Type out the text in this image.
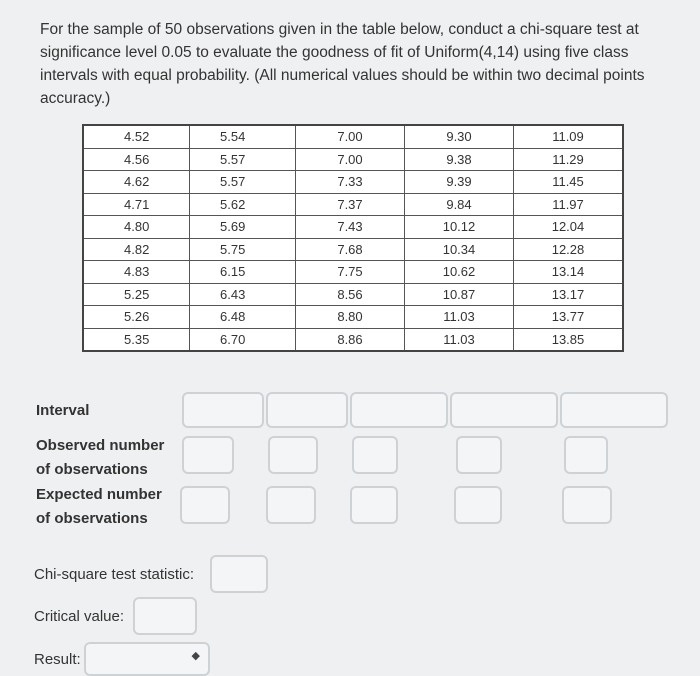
For the sample of 50 observations given in the table below, conduct a chi-square test at significance level 0.05 to evaluate the goodness of fit of Uniform(4,14) using five class intervals with equal probability. (All numerical values should be within two decimal points accuracy.)
4.52	5.54	7.00	9.30	11.09
4.56	5.57	7.00	9.38	11.29
4.62	5.57	7.33	9.39	11.45
4.71	5.62	7.37	9.84	11.97
4.80	5.69	7.43	10.12	12.04
4.82	5.75	7.68	10.34	12.28
4.83	6.15	7.75	10.62	13.14
5.25	6.43	8.56	10.87	13.17
5.26	6.48	8.80	11.03	13.77
5.35	6.70	8.86	11.03	13.85
Interval
Observed number
of observations
Expected number
of observations
Chi-square test statistic:
Critical value:
Result:	◆
